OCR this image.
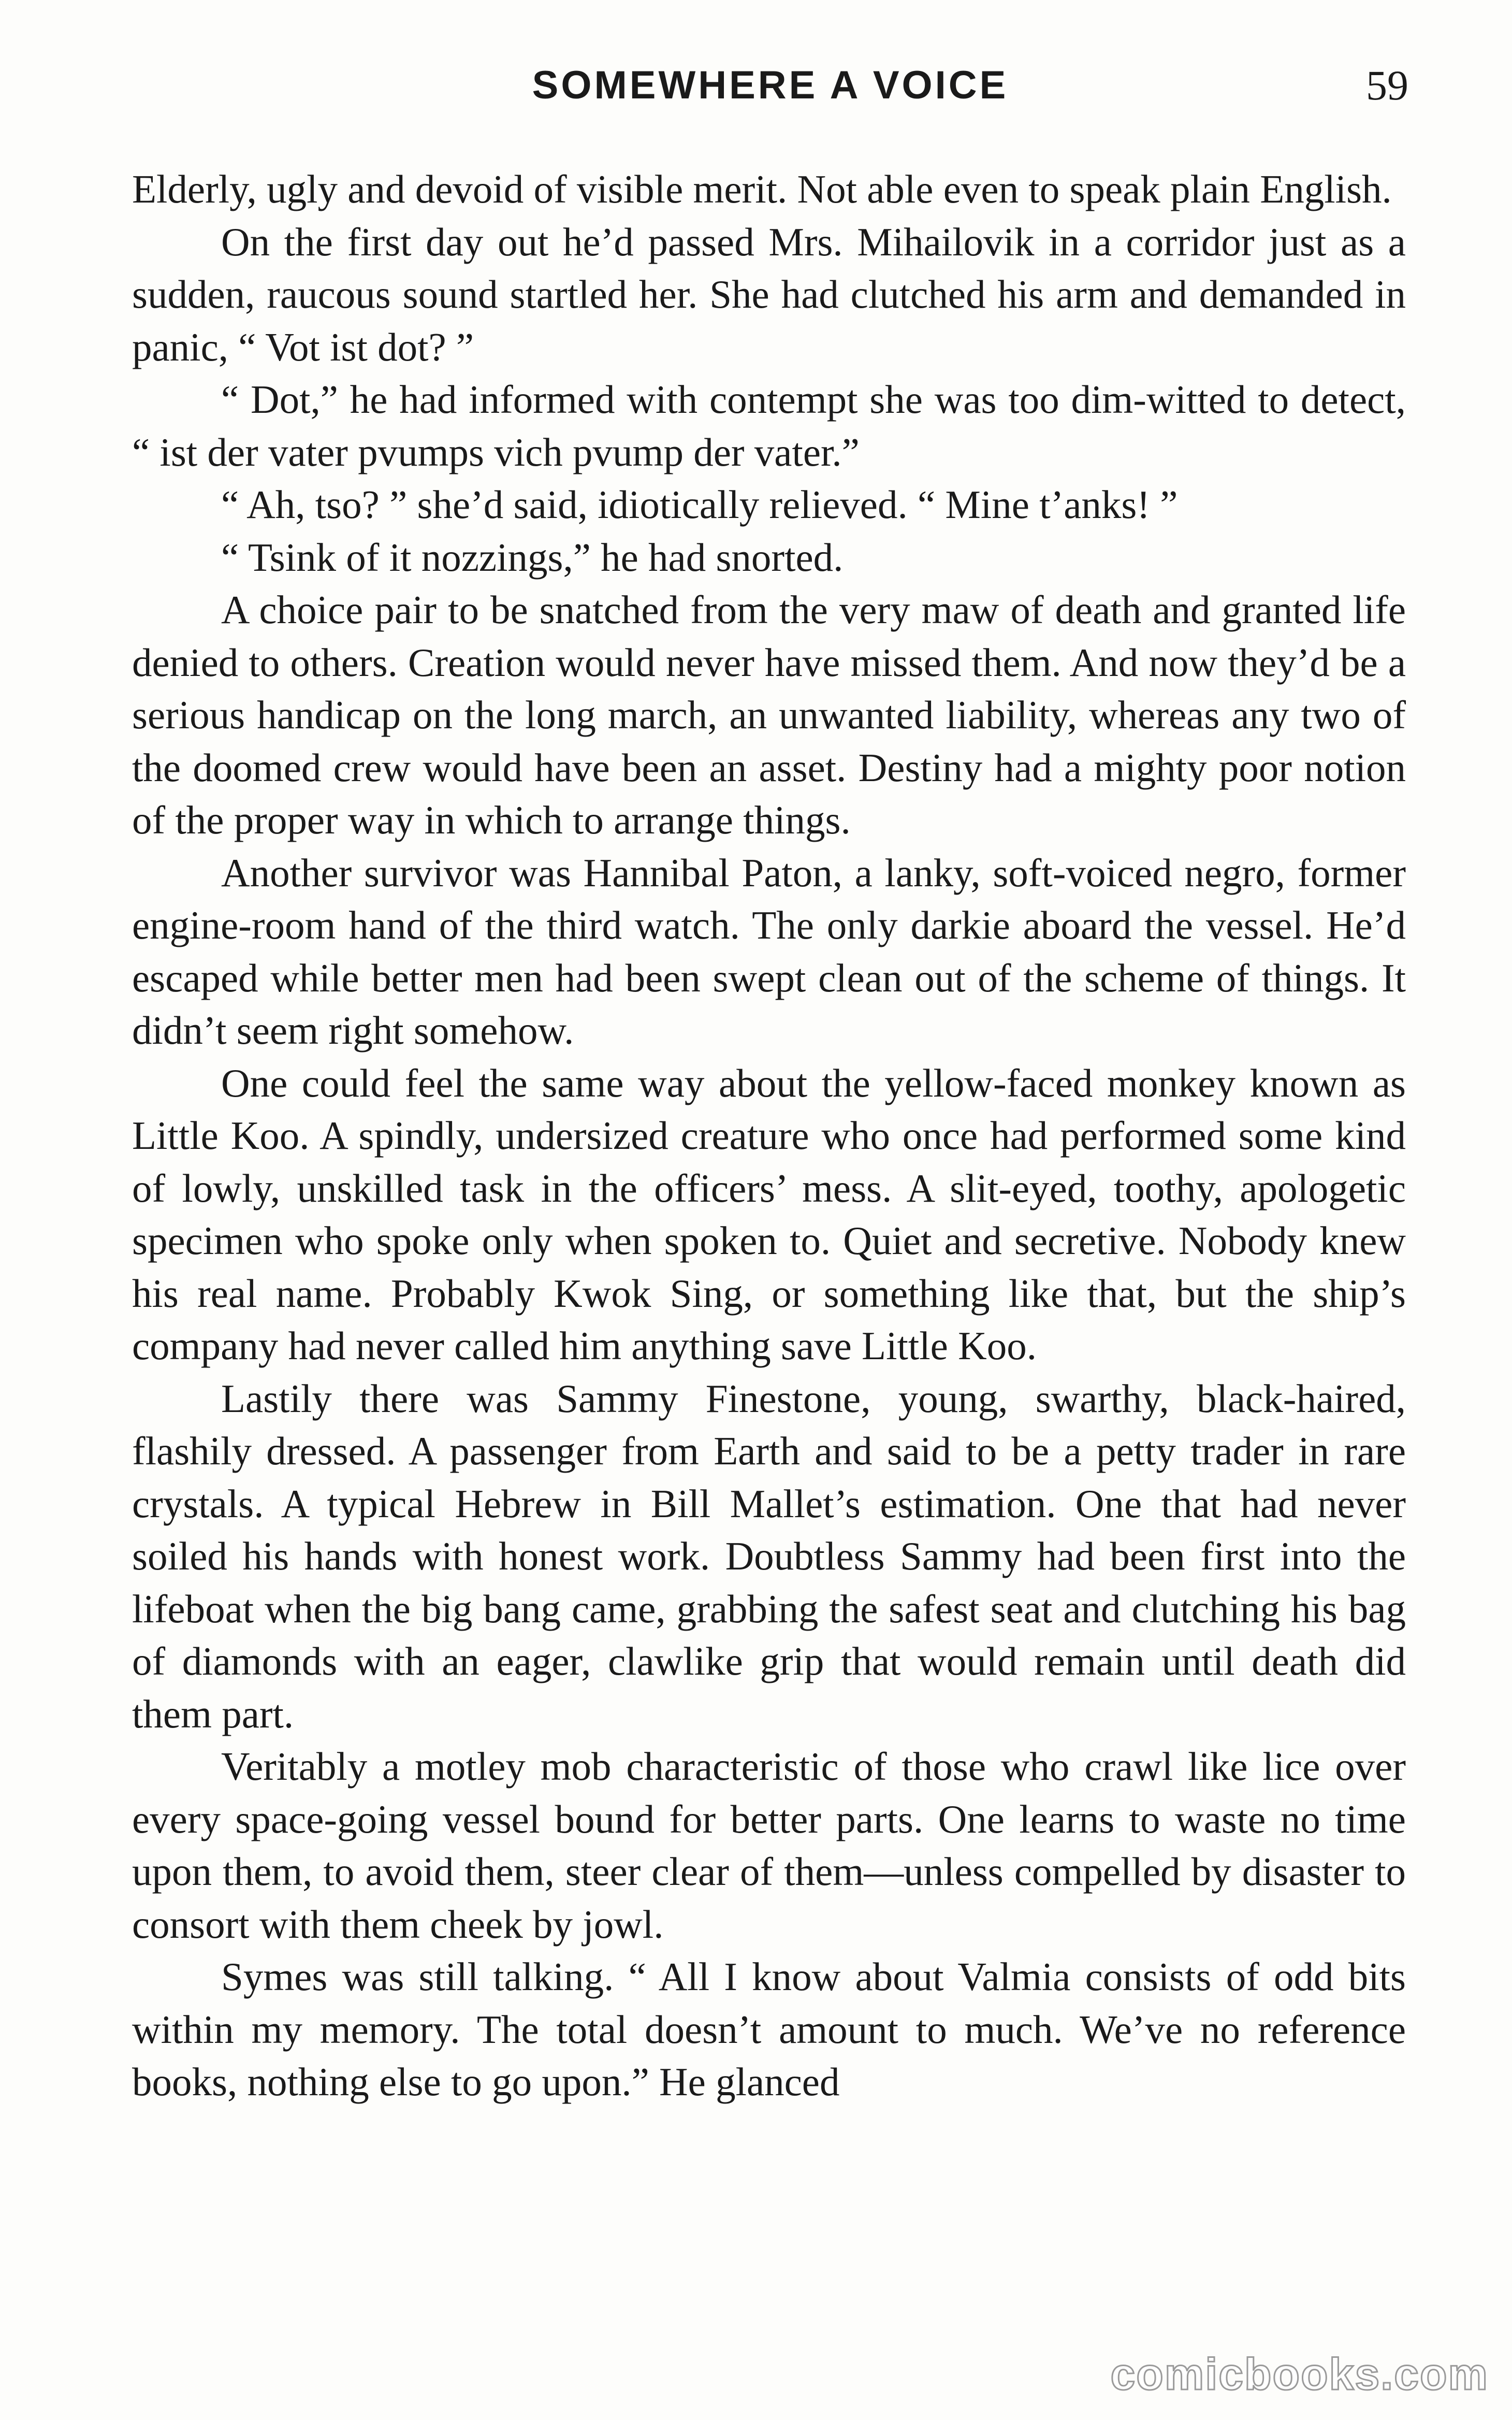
SOMEWHERE A VOICE	59

Elderly, ugly and devoid of visible merit. Not able even to speak plain English.

On the first day out he’d passed Mrs. Mihailovik in a corridor just as a sudden, raucous sound startled her. She had clutched his arm and demanded in panic, “ Vot ist dot? ”

“ Dot,” he had informed with contempt she was too dim-witted to detect, “ ist der vater pvumps vich pvump der vater.”

“ Ah, tso? ” she’d said, idiotically relieved. “ Mine t’anks! ”

“ Tsink of it nozzings,” he had snorted.

A choice pair to be snatched from the very maw of death and granted life denied to others. Creation would never have missed them. And now they’d be a serious handicap on the long march, an unwanted liability, whereas any two of the doomed crew would have been an asset. Destiny had a mighty poor notion of the proper way in which to arrange things.

Another survivor was Hannibal Paton, a lanky, soft-voiced negro, former engine-room hand of the third watch. The only darkie aboard the vessel. He’d escaped while better men had been swept clean out of the scheme of things. It didn’t seem right somehow.

One could feel the same way about the yellow-faced monkey known as Little Koo. A spindly, undersized creature who once had performed some kind of lowly, unskilled task in the officers’ mess. A slit-eyed, toothy, apologetic specimen who spoke only when spoken to. Quiet and secretive. Nobody knew his real name. Probably Kwok Sing, or something like that, but the ship’s company had never called him anything save Little Koo.

Lastily there was Sammy Finestone, young, swarthy, black-haired, flashily dressed. A passenger from Earth and said to be a petty trader in rare crystals. A typical Hebrew in Bill Mallet’s estimation. One that had never soiled his hands with honest work. Doubtless Sammy had been first into the lifeboat when the big bang came, grabbing the safest seat and clutching his bag of diamonds with an eager, clawlike grip that would remain until death did them part.

Veritably a motley mob characteristic of those who crawl like lice over every space-going vessel bound for better parts. One learns to waste no time upon them, to avoid them, steer clear of them—unless compelled by disaster to consort with them cheek by jowl.

Symes was still talking. “ All I know about Valmia consists of odd bits within my memory. The total doesn’t amount to much. We’ve no reference books, nothing else to go upon.” He glanced

comicbooks.com
